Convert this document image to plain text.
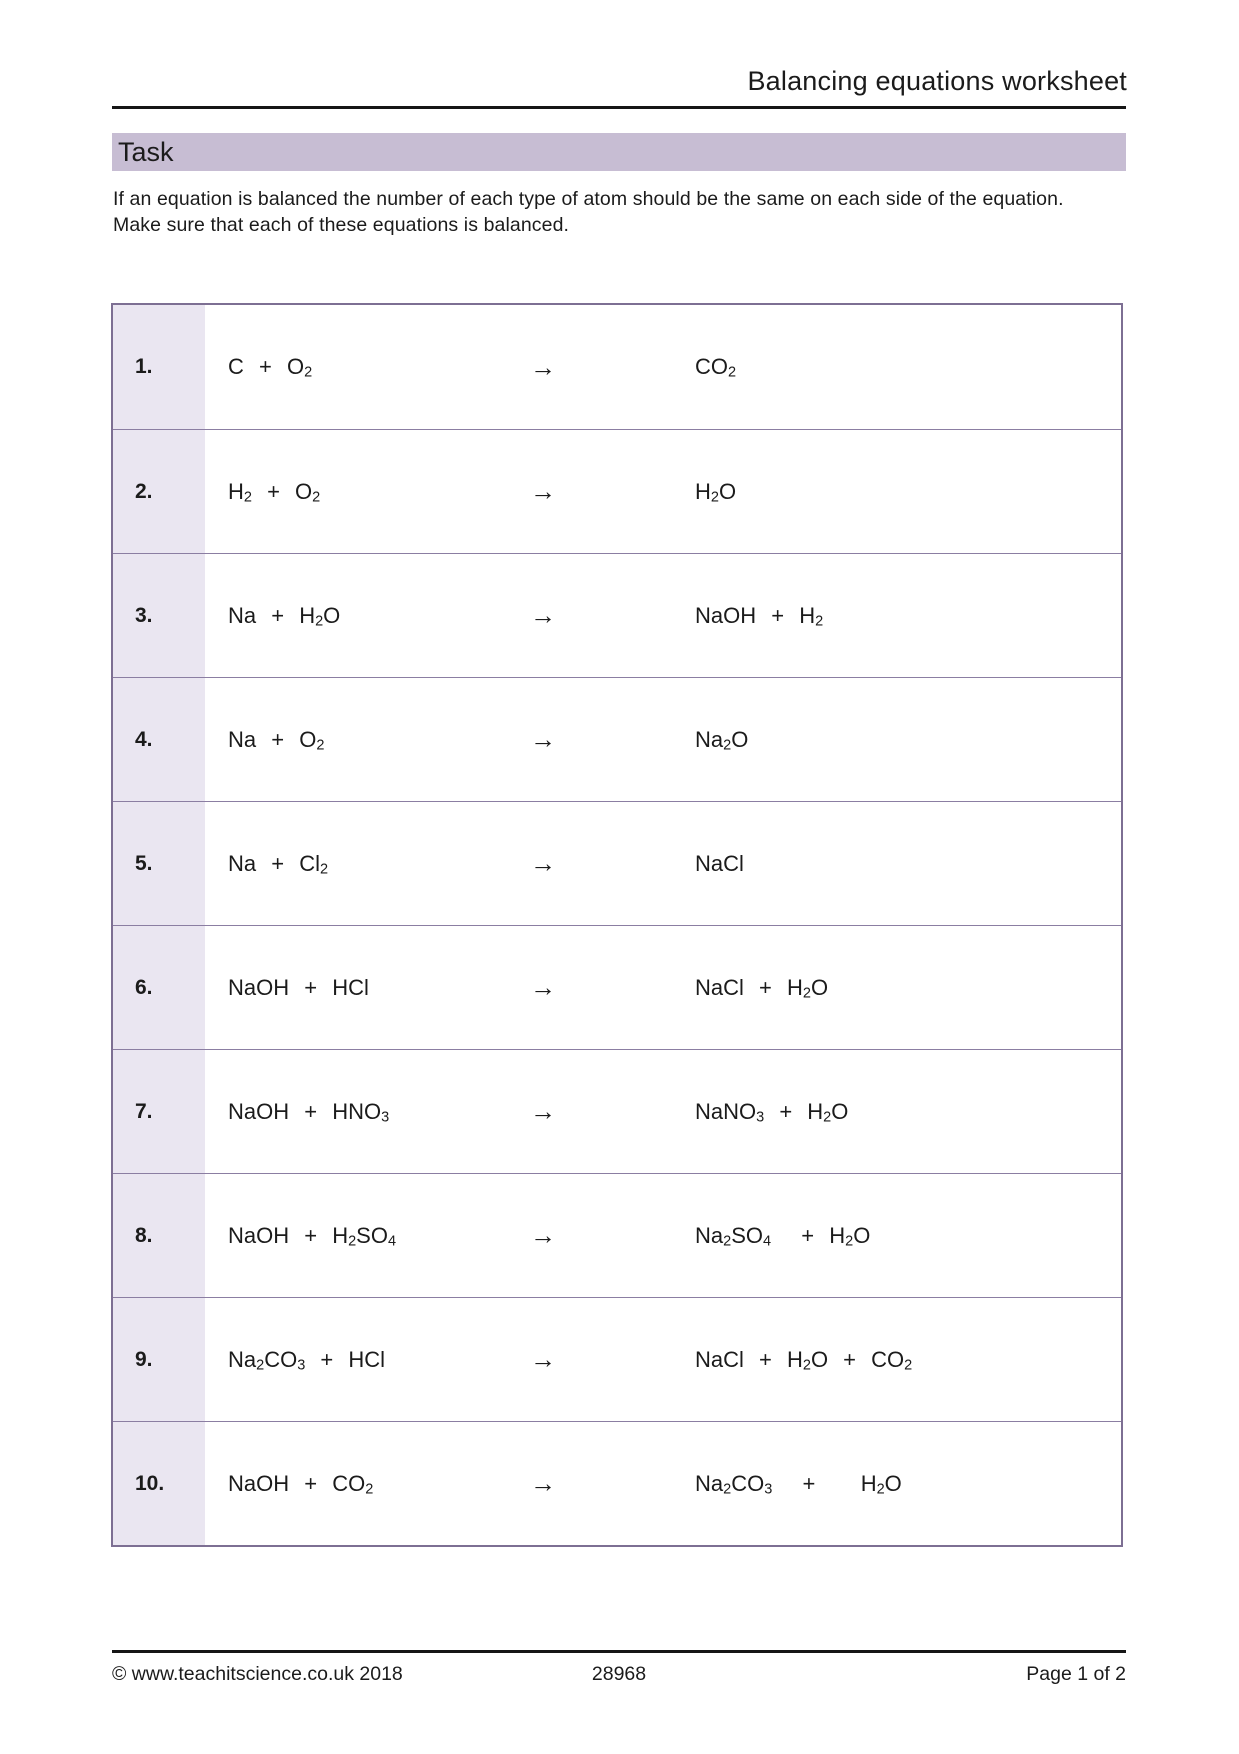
Balancing equations worksheet
Task

If an equation is balanced the number of each type of atom should be the same on each side of the equation. Make sure that each of these equations is balanced.

1.	$C + O_2$	→	$CO_2$
2.	$H_2 + O_2$	→	$H_2O$
3.	$Na + H_2O$	→	NaOH + $H_2$
4.	$Na + O_2$	→	$Na_2O$
5.	$Na + Cl_2$	→	NaCl
6.	NaOH + HCl	→	NaCl + $H_2O$
7.	NaOH + $HNO_3$	→	NaNO$_3$ + $H_2O$
8.	NaOH + $H_2SO_4$	→	$Na_2SO_4 + H_2O$
9.	$Na_2CO_3$ + HCl	→	NaCl + $H_2O + CO_2$
10.	NaOH + $CO_2$	→	$Na_2CO_3 + H_2O$
© www.teachitscience.co.uk 2018	28968	Page 1 of 2
